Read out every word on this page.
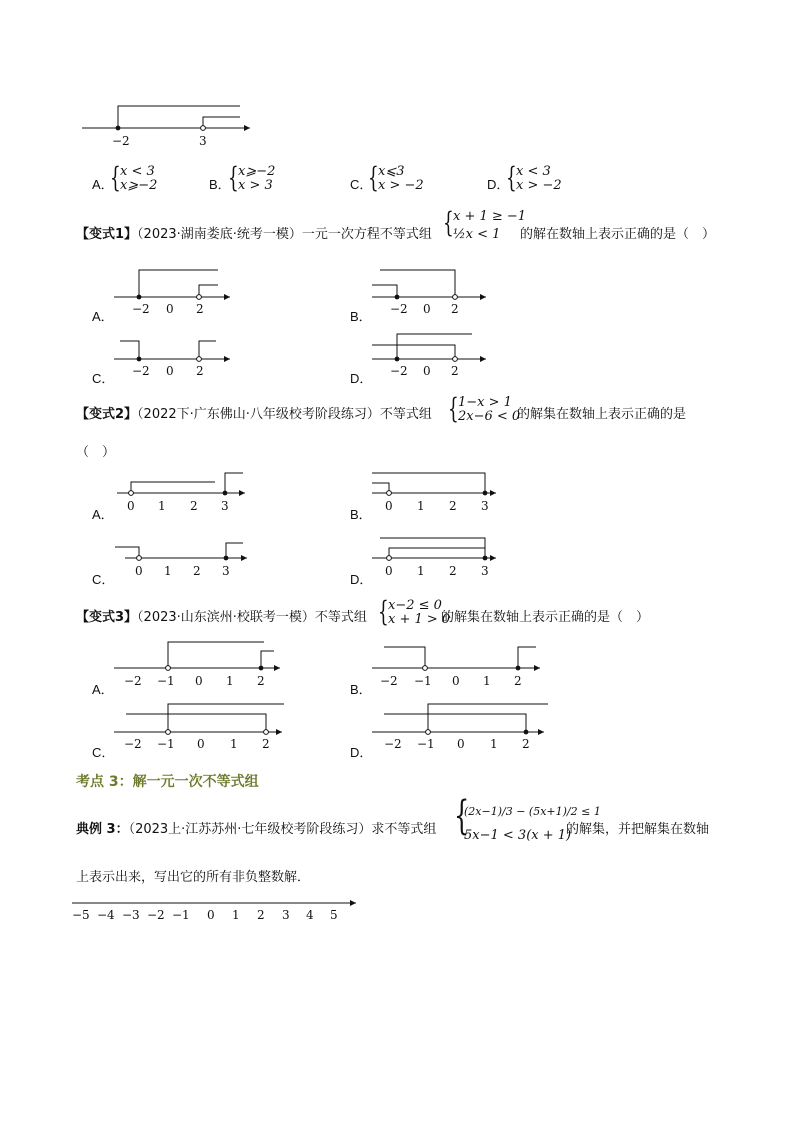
−2	3
A．
{ x < 3
x⩾−2	B．
{ x⩾−2
x > 3	C．
{ x⩽3
x > −2	D．
{ x < 3
x > −2
【变式1】（2023·湖南娄底·统考一模）一元一次方程不等式组 { x + 1 ≥ −1
½x < 1 的解在数轴上表示正确的是（　）
A． −2 0 2	B． −2 0 2
C． −2 0 2	D． −2 0 2
【变式2】（2022下·广东佛山·八年级校考阶段练习）不等式组 { 1−x > 1
2x−6 < 0
的解集在数轴上表示正确的是
（　）
A．
0 1 2 3
B．
0 1 2 3
C．
0 1 2 3
D．
0 1 2 3
【变式3】（2023·山东滨州·校联考一模）不等式组 { x−2 ≤ 0
x + 1 > 0
的解集在数轴上表示正确的是（　）
A．
−2 −1 0 1 2
B．
−2 −1 0 1 2
C．
−2 −1 0 1 2
D．
−2 −1 0 1 2
考点 3：解一元一次不等式组
典例 3：（2023上·江苏苏州·七年级校考阶段练习）求不等式组 {
(2x−1)/3 − (5x+1)/2 ≤ 1
5x−1 < 3(x + 1)
的解集，并把解集在数轴
上表示出来，写出它的所有非负整数解．
−5 −4 −3 −2 −1 0 1 2 3 4 5
